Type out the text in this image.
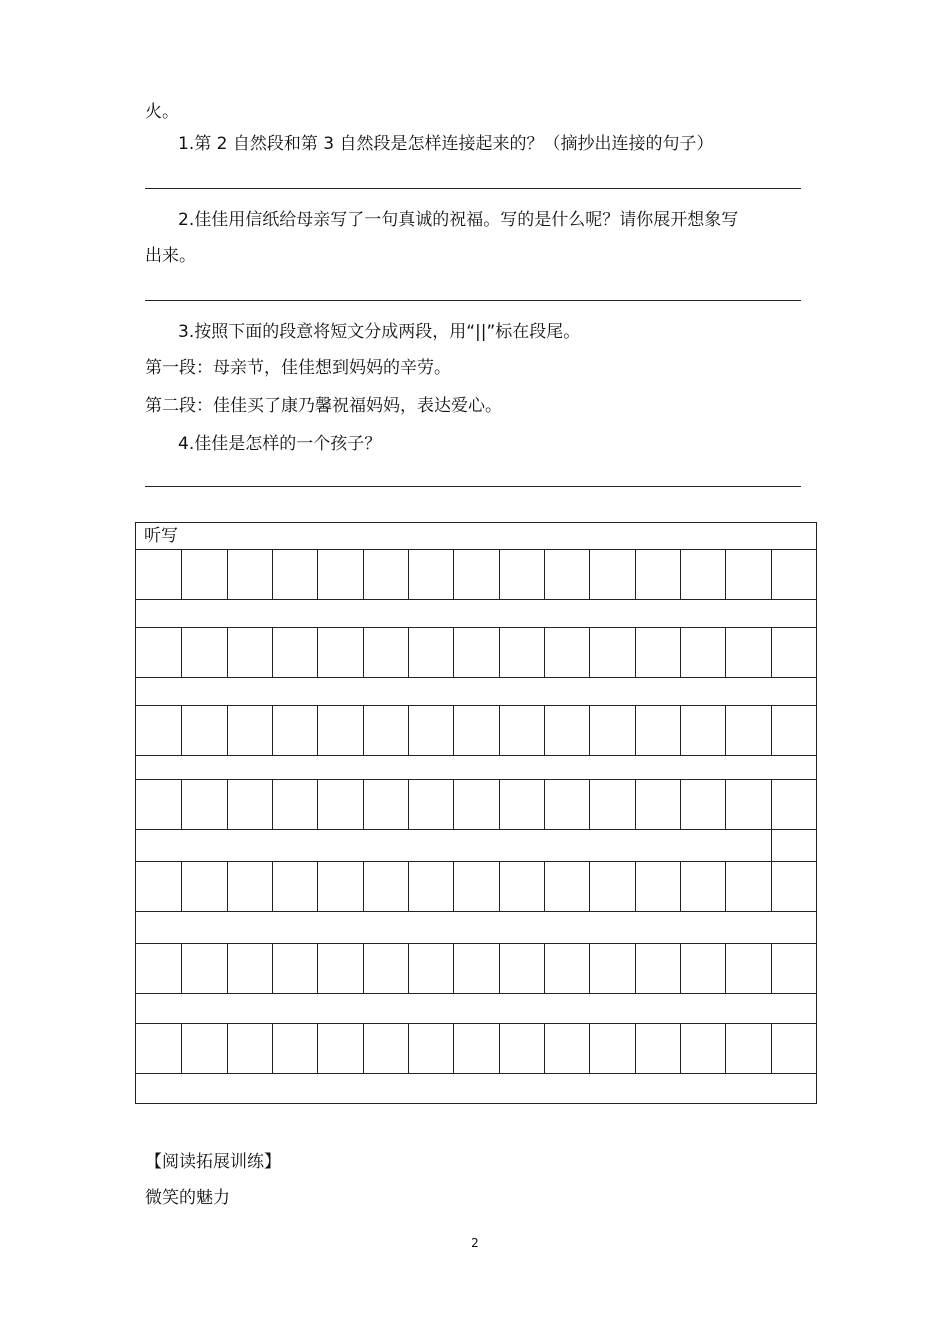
火。
1.第 2 自然段和第 3 自然段是怎样连接起来的？（摘抄出连接的句子）
2.佳佳用信纸给母亲写了一句真诚的祝福。写的是什么呢？请你展开想象写
出来。
3.按照下面的段意将短文分成两段，用“||”标在段尾。
第一段：母亲节，佳佳想到妈妈的辛劳。
第二段：佳佳买了康乃馨祝福妈妈，表达爱心。
4.佳佳是怎样的一个孩子？
听写
【阅读拓展训练】
微笑的魅力
2
